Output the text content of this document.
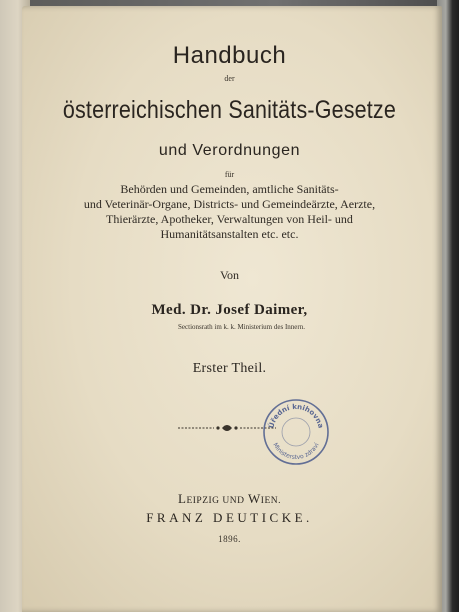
Handbuch
der
österreichischen Sanitäts-Gesetze
und Verordnungen
für
Behörden und Gemeinden, amtliche Sanitäts-
und Veterinär-Organe, Districts- und Gemeindeärzte, Aerzte,
Thierärzte, Apotheker, Verwaltungen von Heil- und
Humanitätsanstalten etc. etc.
Von
Med. Dr. Josef Daimer,
Sectionsrath im k. k. Ministerium des Innern.
Erster Theil.
Úřední knihovna
Ministerstvo zdraví
LEIPZIG UND WIEN.
FRANZ DEUTICKE.
1896.
